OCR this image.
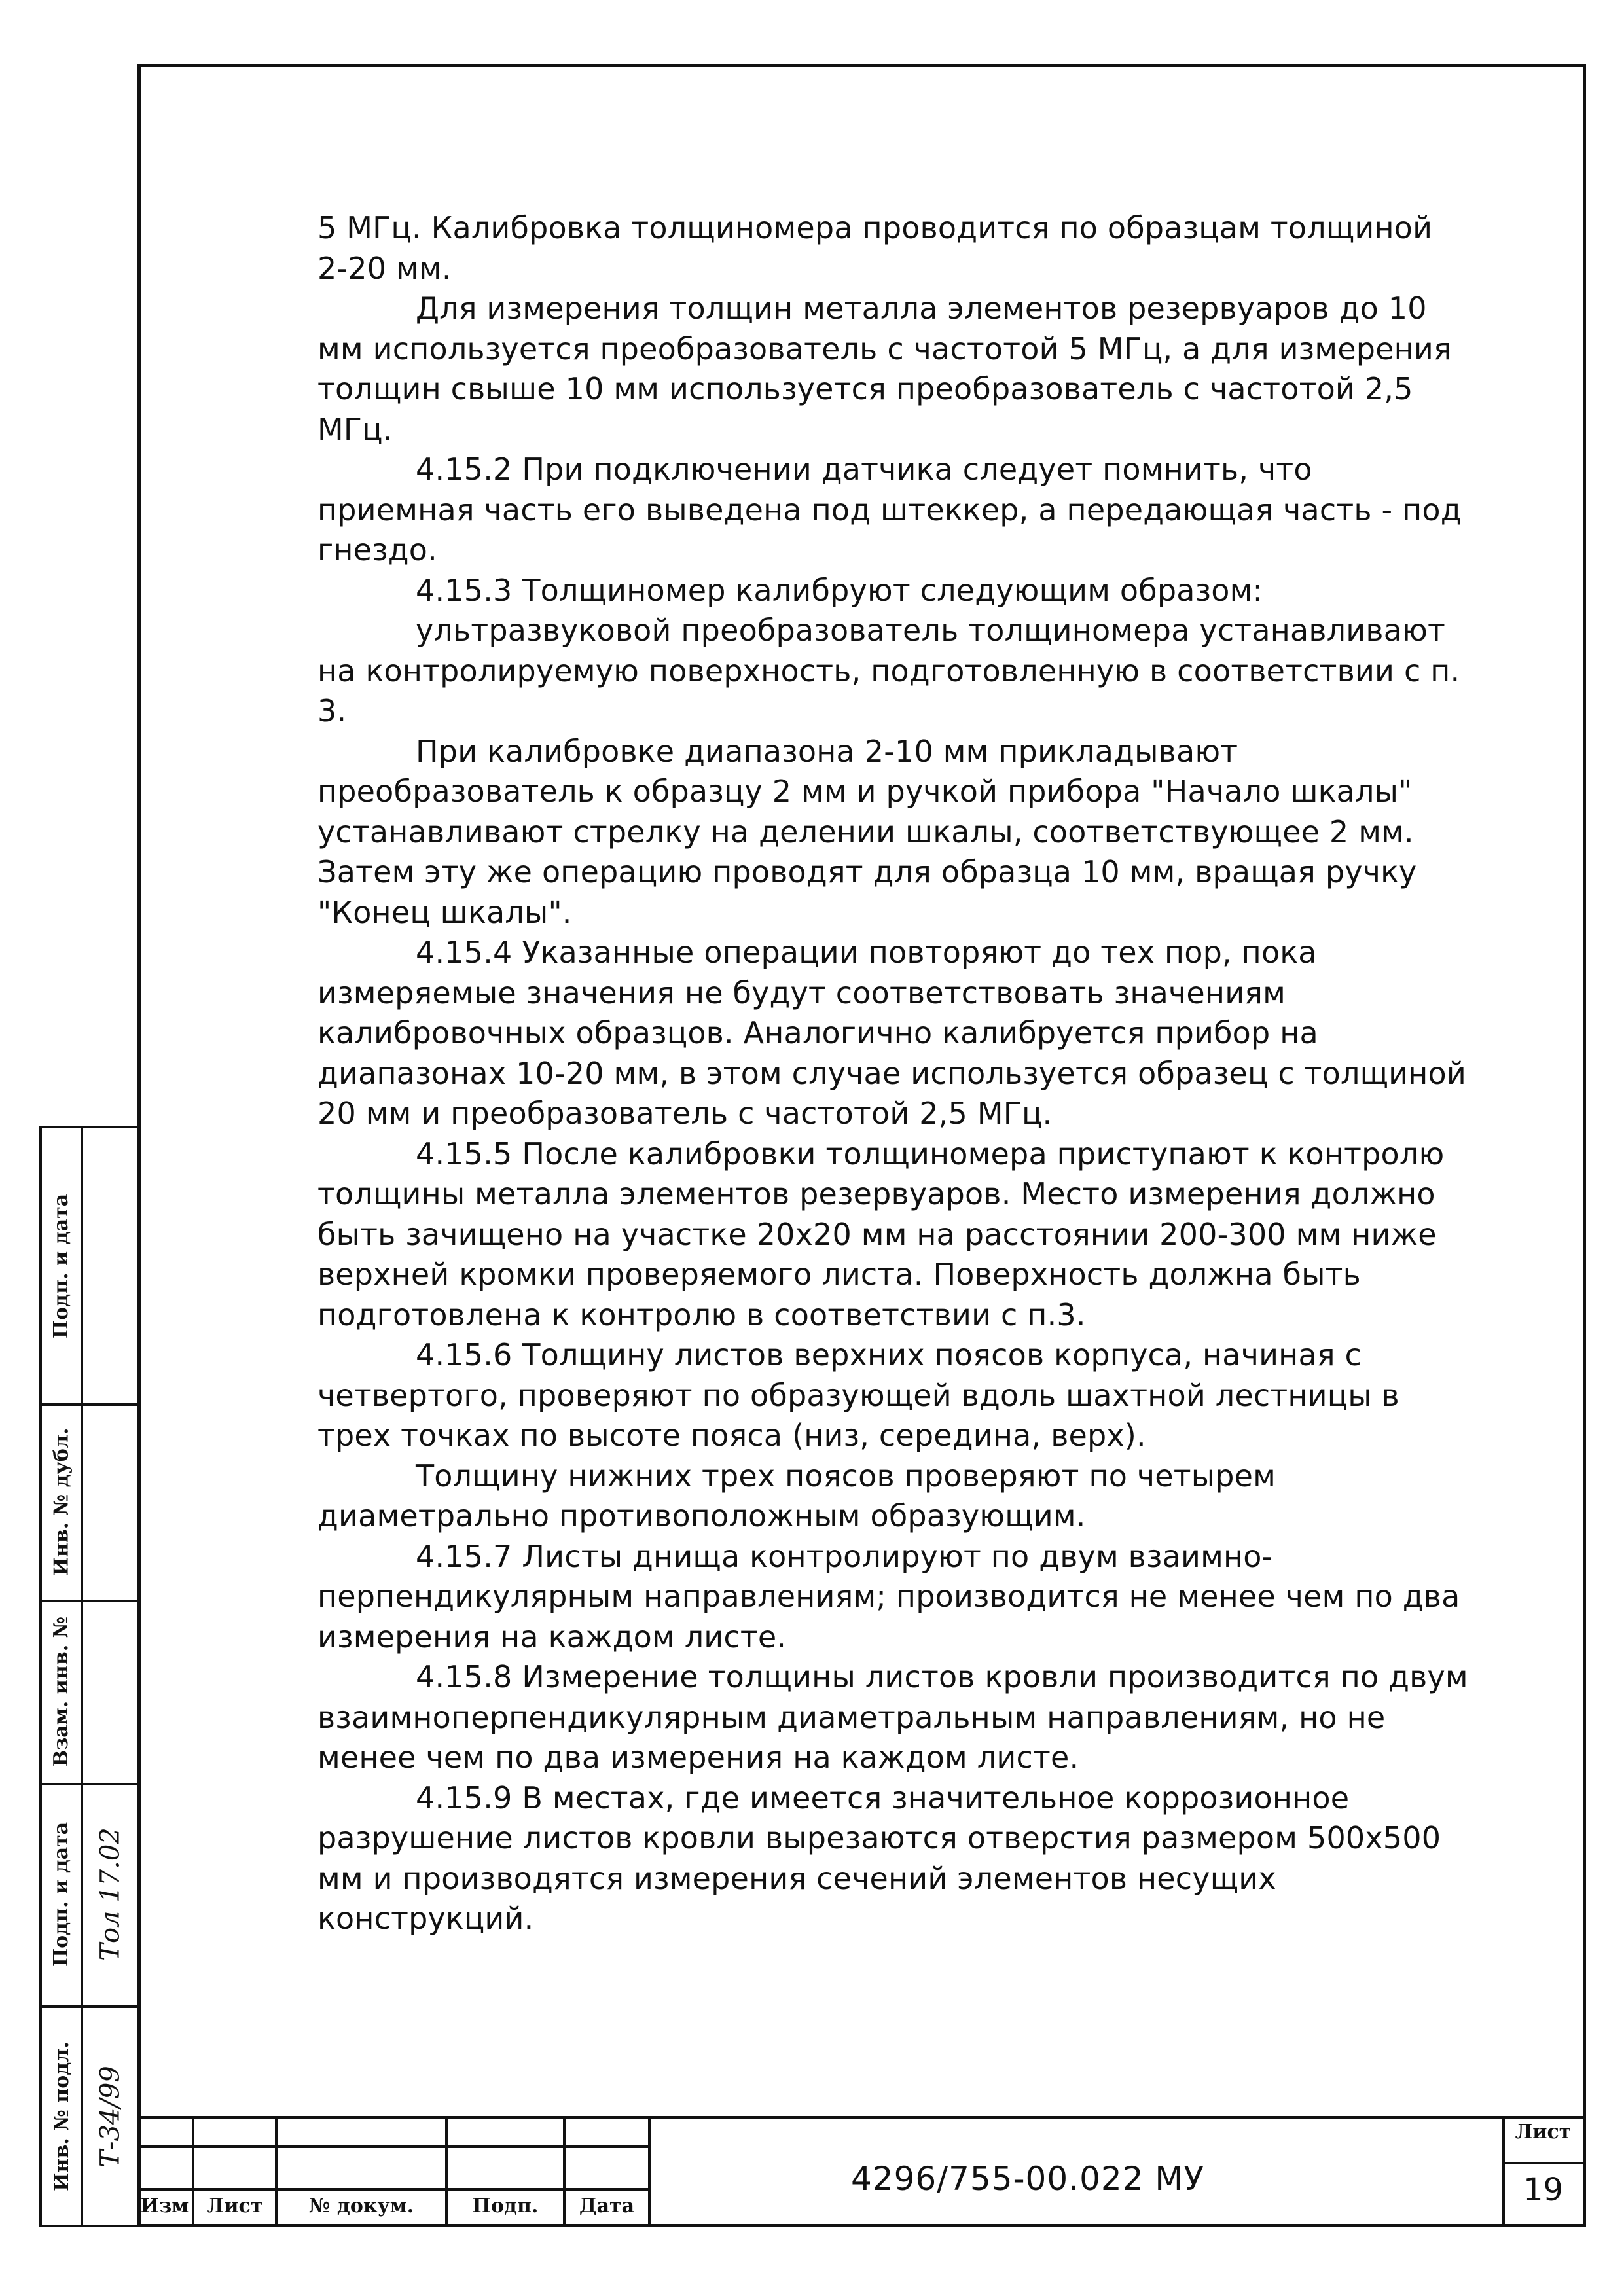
5 МГц. Калибровка толщиномера проводится по образцам толщиной 2-20 мм.

Для измерения толщин металла элементов резервуаров до 10 мм используется преобразователь с частотой 5 МГц, а для измерения толщин свыше 10 мм используется преобразователь с частотой 2,5 МГц.

4.15.2 При подключении датчика следует помнить, что приемная часть его выведена под штеккер, а передающая часть - под гнездо.

4.15.3 Толщиномер калибруют следующим образом:

ультразвуковой преобразователь толщиномера устанавливают на контролируемую поверхность, подготовленную в соответствии с п. 3.

При калибровке диапазона 2-10 мм прикладывают преобразователь к образцу 2 мм и ручкой прибора "Начало шкалы" устанавливают стрелку на делении шкалы, соответствующее 2 мм. Затем эту же операцию проводят для образца 10 мм, вращая ручку "Конец шкалы".

4.15.4 Указанные операции повторяют до тех пор, пока измеряемые значения не будут соответствовать значениям калибровочных образцов. Аналогично калибруется прибор на диапазонах 10-20 мм, в этом случае используется образец с толщиной 20 мм и преобразователь с частотой 2,5 МГц.

4.15.5 После калибровки толщиномера приступают к контролю толщины металла элементов резервуаров. Место измерения должно быть зачищено на участке 20х20 мм на расстоянии 200-300 мм ниже верхней кромки проверяемого листа. Поверхность должна быть подготовлена к контролю в соответствии с п.3.

4.15.6 Толщину листов верхних поясов корпуса, начиная с четвертого, проверяют по образующей вдоль шахтной лестницы в трех точках по высоте пояса (низ, середина, верх).

Толщину нижних трех поясов проверяют по четырем диаметрально противоположным образующим.

4.15.7 Листы днища контролируют по двум взаимно-перпендикулярным направлениям; производится не менее чем по два измерения на каждом листе.

4.15.8 Измерение толщины листов кровли производится по двум взаимноперпендикулярным диаметральным направлениям, но не менее чем по два измерения на каждом листе.

4.15.9 В местах, где имеется значительное коррозионное разрушение листов кровли вырезаются отверстия размером 500х500 мм и производятся измерения сечений элементов несущих конструкций.

Подп. и дата
Инв. № дубл.
Взам. инв. №
Подп. и дата
Инв. № подл.
Тол 17.02
Т-34/99
Изм Лист	№ докум.	Подп.	Дата
4296/755-00.022 МУ
Лист
19
